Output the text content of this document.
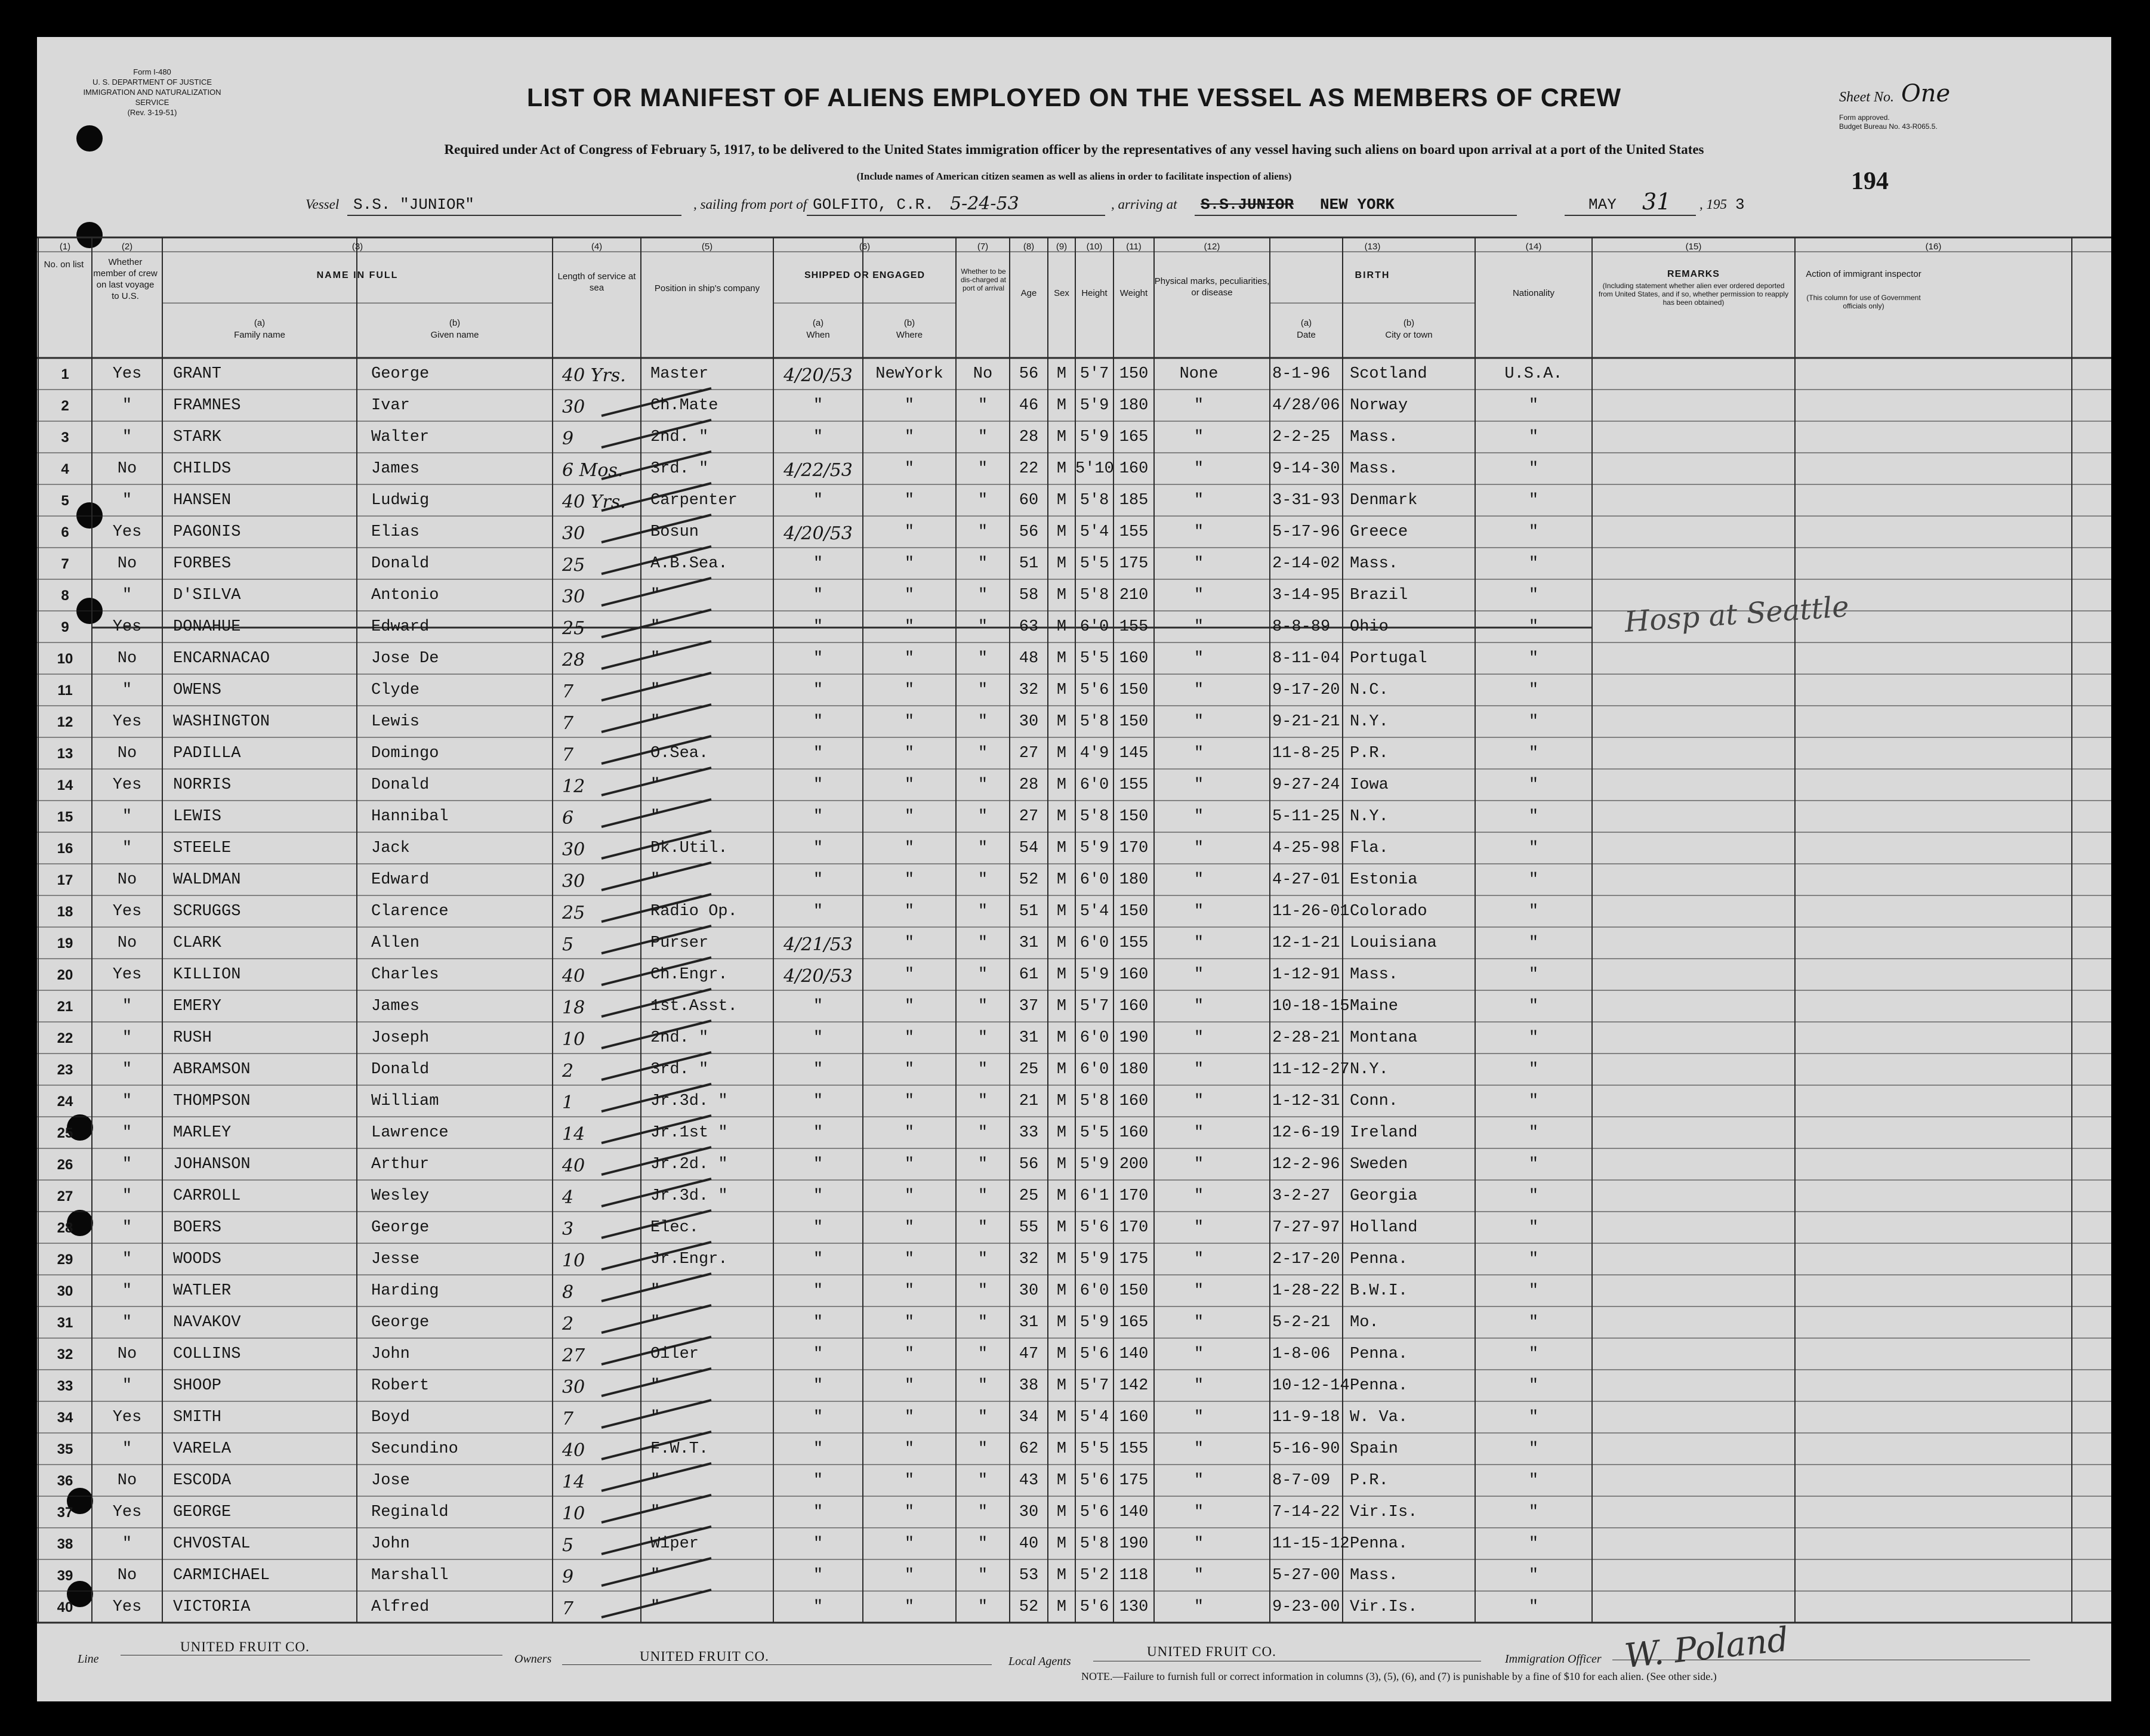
Form I-480
U. S. DEPARTMENT OF JUSTICE
IMMIGRATION AND NATURALIZATION SERVICE
(Rev. 3-19-51)
LIST OR MANIFEST OF ALIENS EMPLOYED ON THE VESSEL AS MEMBERS OF CREW
Required under Act of Congress of February 5, 1917, to be delivered to the United States immigration officer by the representatives of any vessel having such aliens on board upon arrival at a port of the United States
(Include names of American citizen seamen as well as aliens in order to facilitate inspection of aliens)
Sheet No. One
Form approved.
Budget Bureau No. 43-R065.5.
194
Vessel S.S. "JUNIOR"	, sailing from port of GOLFITO, C.R. 5-24-53	, arriving at S.S.JUNIOR NEW YORK	MAY 31 , 195 3
(1)	(2)	(3)	(4)	(5)	(6)	(7)	(8)	(9)	(10)	(11)	(12)	(13)	(14)	(15)	(16)
No. on list	Whether member of crew on last voyage to U.S.
NAME IN FULL
(a)
Family name
(b)
Given name
Length of service at sea	Position in ship's company
SHIPPED OR ENGAGED
(a)
When
(b)
Where
Whether to be dis-charged at port of arrival	Age	Sex	Height	Weight
Physical marks, peculiarities, or disease
BIRTH
(a)
Date
(b)
City or town
Nationality
REMARKS
(Including statement whether alien ever ordered deported from United States, and if so, whether permission to reapply has been obtained)
Action of immigrant inspector
(This column for use of Government officials only)
1	Yes	GRANT	George	40 Yrs.	Master	4/20/53	NewYork	No	56	M 5'7 150	None	8-1-96	Scotland	U.S.A.
2	"	FRAMNES	Ivar	30	Ch.Mate	"	"	"	46	M 5'9 180	"	4/28/06 Norway	"
3	"	STARK	Walter	9	2nd. "	"	"	"	28	M 5'9 165	"	2-2-25	Mass.	"
4	No	CHILDS	James	6 Mos.	3rd. "	4/22/53	"	"	22	M 5'10 160	"	9-14-30 Mass.	"
5	"	HANSEN	Ludwig	40 Yrs.	Carpenter	"	"	"	60	M 5'8 185	"	3-31-93 Denmark	"
6	Yes	PAGONIS	Elias	30	Bosun	4/20/53	"	"	56	M 5'4 155	"	5-17-96 Greece	"
7	No	FORBES	Donald	25	A.B.Sea.	"	"	"	51	M 5'5 175	"	2-14-02 Mass.	"
8	"	D'SILVA	Antonio	30	"	"	"	"	58	M 5'8 210	"	3-14-95 Brazil	"
9	Yes	DONAHUE	Edward	25	"	"	"	"	63	M 6'0 155	"	8-8-89	Ohio	"
10	No	ENCARNACAO	Jose De	28	"	"	"	"	48	M 5'5 160	"	8-11-04 Portugal	"
11	"	OWENS	Clyde	7	"	"	"	"	32	M 5'6 150	"	9-17-20 N.C.	"
12	Yes	WASHINGTON	Lewis	7	"	"	"	"	30	M 5'8 150	"	9-21-21 N.Y.	"
13	No	PADILLA	Domingo	7	O.Sea.	"	"	"	27	M 4'9 145	"	11-8-25 P.R.	"
14	Yes	NORRIS	Donald	12	"	"	"	"	28	M 6'0 155	"	9-27-24 Iowa	"
15	"	LEWIS	Hannibal	6	"	"	"	"	27	M 5'8 150	"	5-11-25 N.Y.	"
16	"	STEELE	Jack	30	Dk.Util.	"	"	"	54	M 5'9 170	"	4-25-98 Fla.	"
17	No	WALDMAN	Edward	30	"	"	"	"	52	M 6'0 180	"	4-27-01 Estonia	"
18	Yes	SCRUGGS	Clarence	25	Radio Op.	"	"	"	51	M 5'4 150	"	11-26-01 Colorado	"
19	No	CLARK	Allen	5	Purser	4/21/53	"	"	31	M 6'0 155	"	12-1-21 Louisiana	"
20	Yes	KILLION	Charles	40	Ch.Engr.	4/20/53	"	"	61	M 5'9 160	"	1-12-91 Mass.	"
21	"	EMERY	James	18	1st.Asst.	"	"	"	37	M 5'7 160	"	10-18-15 Maine	"
22	"	RUSH	Joseph	10	2nd. "	"	"	"	31	M 6'0 190	"	2-28-21 Montana	"
23	"	ABRAMSON	Donald	2	3rd. "	"	"	"	25	M 6'0 180	"	11-12-27 N.Y.	"
24	"	THOMPSON	William	1	Jr.3d. "	"	"	"	21	M 5'8 160	"	1-12-31 Conn.	"
25	"	MARLEY	Lawrence	14	Jr.1st "	"	"	"	33	M 5'5 160	"	12-6-19 Ireland	"
26	"	JOHANSON	Arthur	40	Jr.2d. "	"	"	"	56	M 5'9 200	"	12-2-96 Sweden	"
27	"	CARROLL	Wesley	4	Jr.3d. "	"	"	"	25	M 6'1 170	"	3-2-27	Georgia	"
28	"	BOERS	George	3	Elec.	"	"	"	55	M 5'6 170	"	7-27-97 Holland	"
29	"	WOODS	Jesse	10	Jr.Engr.	"	"	"	32	M 5'9 175	"	2-17-20 Penna.	"
30	"	WATLER	Harding	8	"	"	"	"	30	M 6'0 150	"	1-28-22 B.W.I.	"
31	"	NAVAKOV	George	2	"	"	"	"	31	M 5'9 165	"	5-2-21	Mo.	"
32	No	COLLINS	John	27	Oiler	"	"	"	47	M 5'6 140	"	1-8-06	Penna.	"
33	"	SHOOP	Robert	30	"	"	"	"	38	M 5'7 142	"	10-12-14 Penna.	"
34	Yes	SMITH	Boyd	7	"	"	"	"	34	M 5'4 160	"	11-9-18 W. Va.	"
35	"	VARELA	Secundino	40	F.W.T.	"	"	"	62	M 5'5 155	"	5-16-90 Spain	"
36	No	ESCODA	Jose	14	"	"	"	"	43	M 5'6 175	"	8-7-09	P.R.	"
37	Yes	GEORGE	Reginald	10	"	"	"	"	30	M 5'6 140	"	7-14-22 Vir.Is.	"
38	"	CHVOSTAL	John	5	Wiper	"	"	"	40	M 5'8 190	"	11-15-12 Penna.	"
39	No	CARMICHAEL	Marshall	9	"	"	"	"	53	M 5'2 118	"	5-27-00 Mass.	"
40	Yes	VICTORIA	Alfred	7	"	"	"	"	52	M 5'6 130	"	9-23-00 Vir.Is.	"
Hosp at Seattle
Line
UNITED FRUIT CO.
Owners	UNITED FRUIT CO.	Local Agents
UNITED FRUIT CO.	Immigration Officer W. Poland
NOTE.—Failure to furnish full or correct information in columns (3), (5), (6), and (7) is punishable by a fine of $10 for each alien. (See other side.)
